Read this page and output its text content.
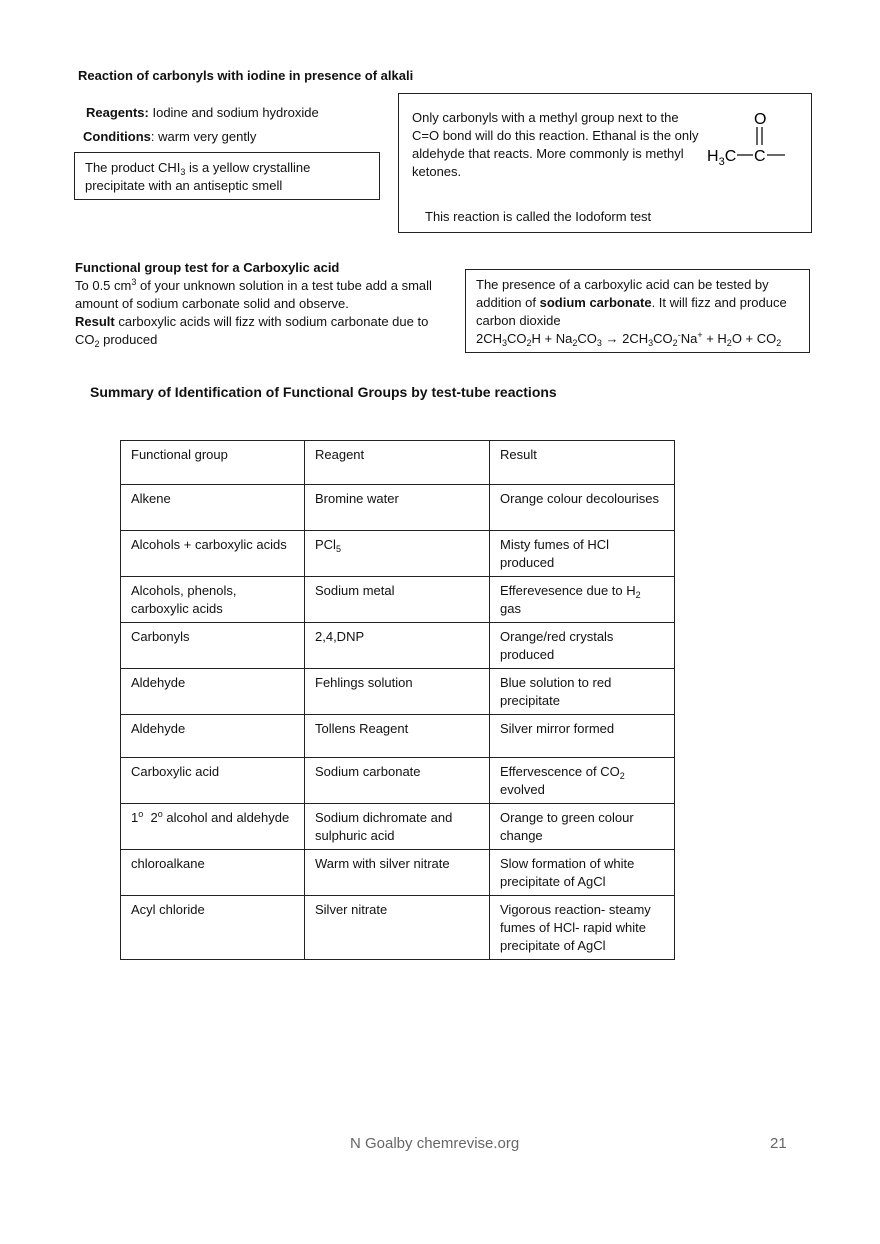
Reaction of carbonyls with iodine in presence of alkali
Reagents: Iodine and sodium hydroxide
Conditions: warm very gently
The product $CHI_3$ is a yellow crystalline precipitate with an antiseptic smell
Only carbonyls with a methyl group next to the C=O bond will do this reaction. Ethanal is the only aldehyde that reacts. More commonly is methyl ketones.
This reaction is called the Iodoform test
O
$H_3C$ C
Functional group test for a Carboxylic acid
To 0.5 $cm^3$ of your unknown solution in a test tube add a small amount of sodium carbonate solid and observe.
Result carboxylic acids will fizz with sodium carbonate due to $CO_2$ produced
The presence of a carboxylic acid can be tested by addition of sodium carbonate. It will fizz and produce carbon dioxide
$2CH_3CO_2H + Na_2CO_3 \to 2CH_3CO_2^-Na^+ + H_2O + CO_2$
Summary of Identification of Functional Groups by test-tube reactions
Functional group	Reagent	Result
Alkene	Bromine water	Orange colour decolourises
Alcohols + carboxylic acids	PCl$_5$	Misty fumes of HCl produced
Alcohols, phenols, carboxylic acids	Sodium metal	Efferevesence due to $H_2$ gas
Carbonyls	2,4,DNP	Orange/red crystals produced
Aldehyde	Fehlings solution	Blue solution to red precipitate
Aldehyde	Tollens Reagent	Silver mirror formed
Carboxylic acid	Sodium carbonate	Effervescence of $CO_2$ evolved
1$^o$  2$^o$ alcohol and aldehyde	Sodium dichromate and sulphuric acid	Orange to green colour change
chloroalkane	Warm with silver nitrate	Slow formation of white precipitate of AgCl
Acyl chloride	Silver nitrate	Vigorous reaction- steamy fumes of HCl- rapid white precipitate of AgCl
N Goalby chemrevise.org	21
